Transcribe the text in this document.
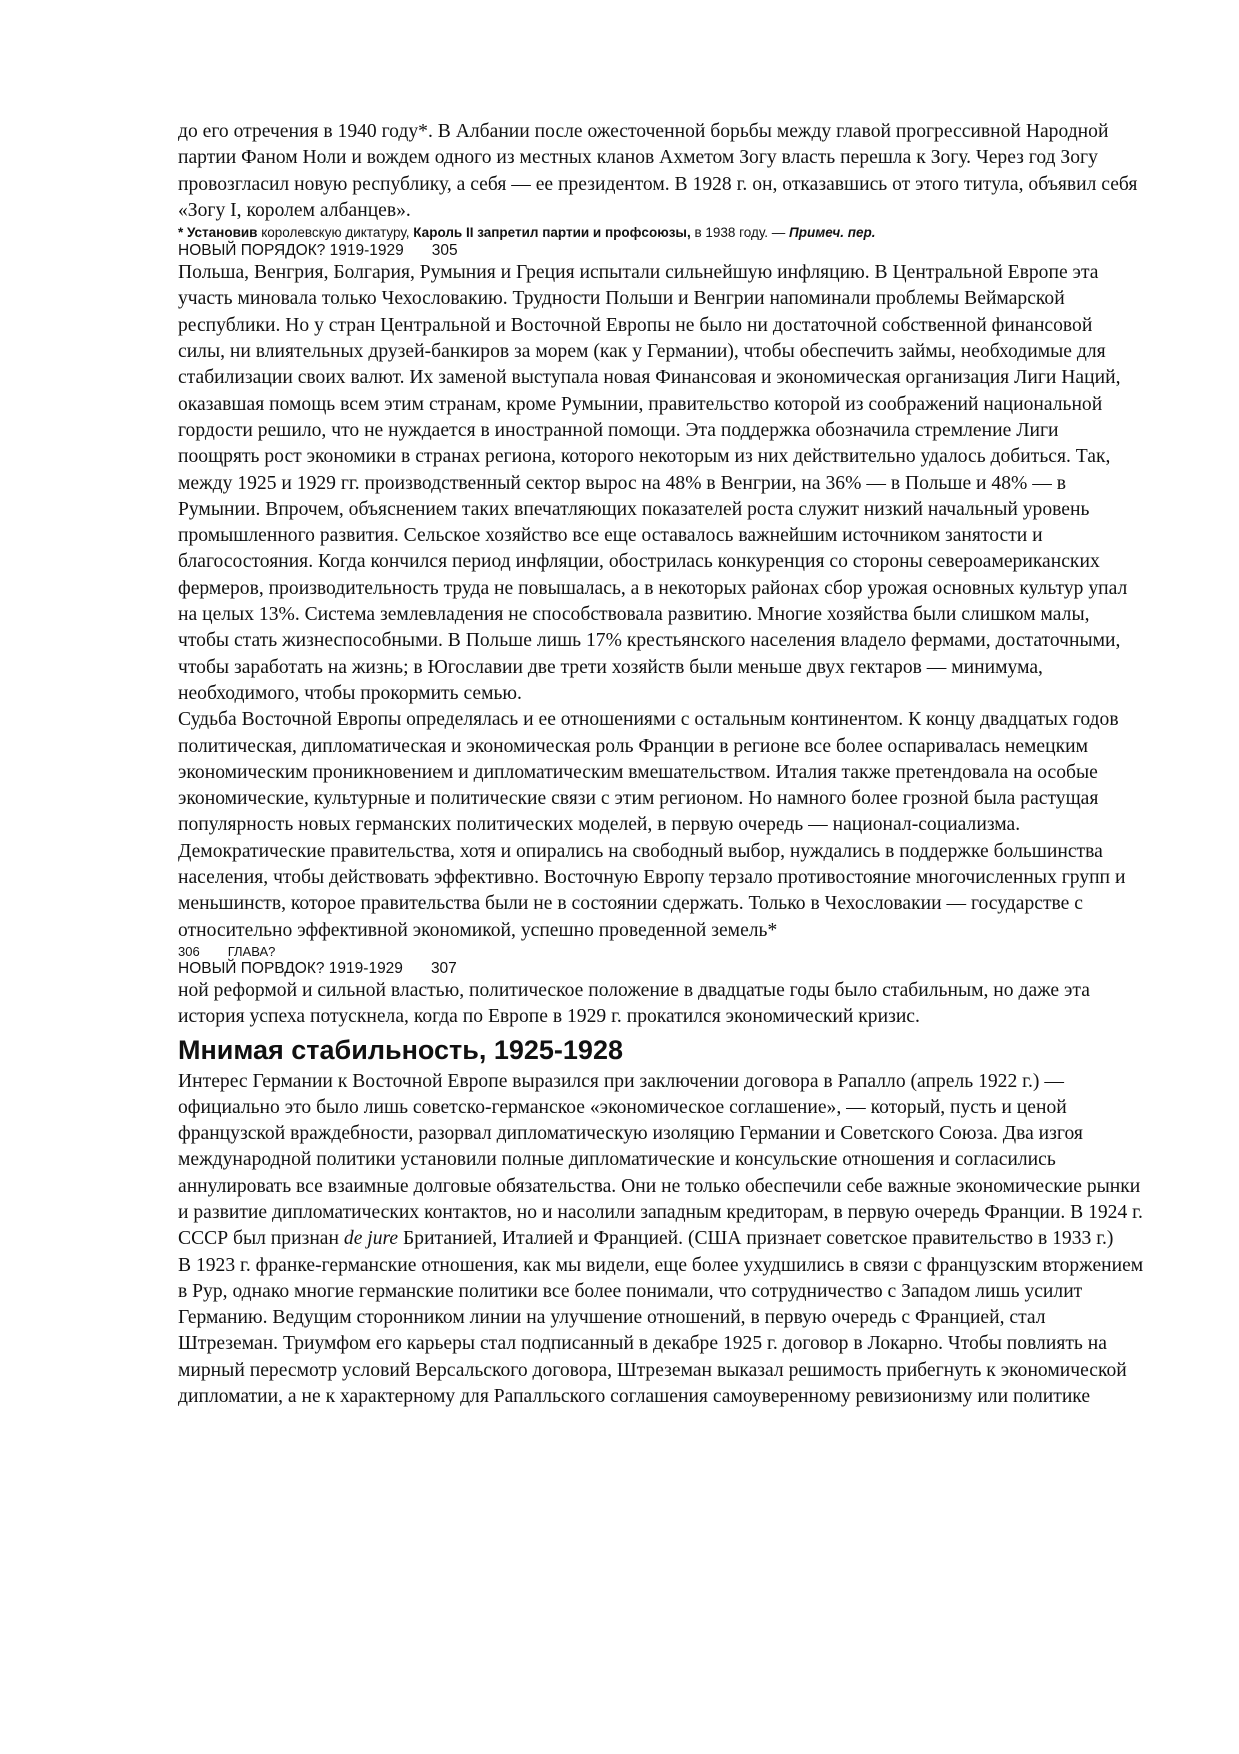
до его отречения в 1940 году*. В Албании после ожесточенной борьбы между главой прогрессивной Народной партии Фаном Ноли и вождем одного из местных кланов Ахметом Зогу власть перешла к Зогу. Через год Зогу провозгласил новую республику, а себя — ее президентом. В 1928 г. он, отказавшись от этого титула, объявил себя «Зогу I, королем албанцев».

* Установив королевскую диктатуру, Кароль II запретил партии и профсоюзы, в 1938 году. — Примеч. пер.

НОВЫЙ ПОРЯДОК? 1919-1929 305

Польша, Венгрия, Болгария, Румыния и Греция испытали сильнейшую инфляцию. В Центральной Европе эта участь миновала только Чехословакию. Трудности Польши и Венгрии напоминали проблемы Веймарской республики. Но у стран Центральной и Восточной Европы не было ни достаточной собственной финансовой силы, ни влиятельных друзей-банкиров за морем (как у Германии), чтобы обеспечить займы, необходимые для стабилизации своих валют. Их заменой выступала новая Финансовая и экономическая организация Лиги Наций, оказавшая помощь всем этим странам, кроме Румынии, правительство которой из соображений национальной гордости решило, что не нуждается в иностранной помощи. Эта поддержка обозначила стремление Лиги поощрять рост экономики в странах региона, которого некоторым из них действительно удалось добиться. Так, между 1925 и 1929 гг. производственный сектор вырос на 48% в Венгрии, на 36% — в Польше и 48% — в Румынии. Впрочем, объяснением таких впечатляющих показателей роста служит низкий начальный уровень промышленного развития. Сельское хозяйство все еще оставалось важнейшим источником занятости и благосостояния. Когда кончился период инфляции, обострилась конкуренция со стороны североамериканских фермеров, производительность труда не повышалась, а в некоторых районах сбор урожая основных культур упал на целых 13%. Система землевладения не способствовала развитию. Многие хозяйства были слишком малы, чтобы стать жизнеспособными. В Польше лишь 17% крестьянского населения владело фермами, достаточными, чтобы заработать на жизнь; в Югославии две трети хозяйств были меньше двух гектаров — минимума, необходимого, чтобы прокормить семью.

Судьба Восточной Европы определялась и ее отношениями с остальным континентом. К концу двадцатых годов политическая, дипломатическая и экономическая роль Франции в регионе все более оспаривалась немецким экономическим проникновением и дипломатическим вмешательством. Италия также претендовала на особые экономические, культурные и политические связи с этим регионом. Но намного более грозной была растущая популярность новых германских политических моделей, в первую очередь — национал-социализма. Демократические правительства, хотя и опирались на свободный выбор, нуждались в поддержке большинства населения, чтобы действовать эффективно. Восточную Европу терзало противостояние многочисленных групп и меньшинств, которое правительства были не в состоянии сдержать. Только в Чехословакии — государстве с относительно эффективной экономикой, успешно проведенной земель*

306 ГЛАВА?

НОВЫЙ ПОРВДОК? 1919-1929 307

ной реформой и сильной властью, политическое положение в двадцатые годы было стабильным, но даже эта история успеха потускнела, когда по Европе в 1929 г. прокатился экономический кризис.

Мнимая стабильность, 1925-1928

Интерес Германии к Восточной Европе выразился при заключении договора в Рапалло (апрель 1922 г.) — официально это было лишь советско-германское «экономическое соглашение», — который, пусть и ценой французской враждебности, разорвал дипломатическую изоляцию Германии и Советского Союза. Два изгоя международной политики установили полные дипломатические и консульские отношения и согласились аннулировать все взаимные долговые обязательства. Они не только обеспечили себе важные экономические рынки и развитие дипломатических контактов, но и насолили западным кредиторам, в первую очередь Франции. В 1924 г. СССР был признан de jure Британией, Италией и Францией. (США признает советское правительство в 1933 г.)

В 1923 г. франке-германские отношения, как мы видели, еще более ухудшились в связи с французским вторжением в Рур, однако многие германские политики все более понимали, что сотрудничество с Западом лишь усилит Германию. Ведущим сторонником линии на улучшение отношений, в первую очередь с Францией, стал Штреземан. Триумфом его карьеры стал подписанный в декабре 1925 г. договор в Локарно. Чтобы повлиять на мирный пересмотр условий Версальского договора, Штреземан выказал решимость прибегнуть к экономической дипломатии, а не к характерному для Рапалльского соглашения самоуверенному ревизионизму или политике
